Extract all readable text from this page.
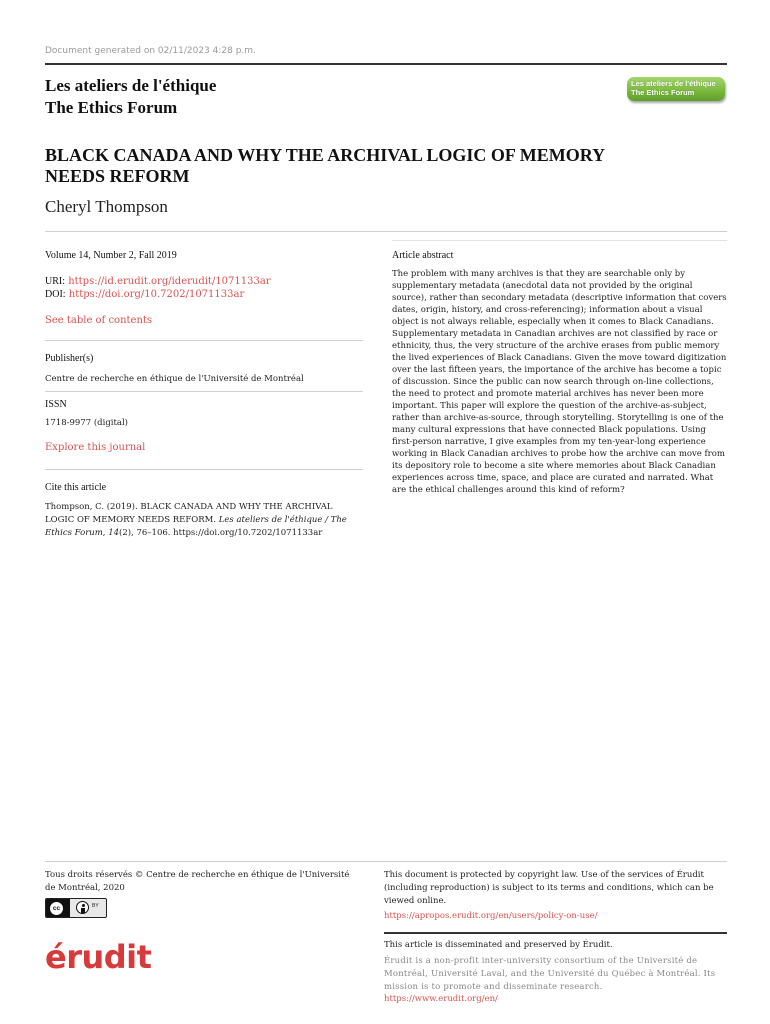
Document generated on 02/11/2023 4:28 p.m.
Les ateliers de l'éthique
The Ethics Forum
Les ateliers de l'éthique
The Ethics Forum
BLACK CANADA AND WHY THE ARCHIVAL LOGIC OF MEMORY NEEDS REFORM
Cheryl Thompson
Volume 14, Number 2, Fall 2019
URI: https://id.erudit.org/iderudit/1071133ar
DOI: https://doi.org/10.7202/1071133ar
See table of contents
Publisher(s)
Centre de recherche en éthique de l'Université de Montréal
ISSN
1718-9977 (digital)
Explore this journal
Cite this article
Thompson, C. (2019). BLACK CANADA AND WHY THE ARCHIVAL LOGIC OF MEMORY NEEDS REFORM. Les ateliers de l'éthique / The Ethics Forum, 14(2), 76–106. https://doi.org/10.7202/1071133ar
Article abstract
The problem with many archives is that they are searchable only by supplementary metadata (anecdotal data not provided by the original source), rather than secondary metadata (descriptive information that covers dates, origin, history, and cross-referencing); information about a visual object is not always reliable, especially when it comes to Black Canadians. Supplementary metadata in Canadian archives are not classified by race or ethnicity, thus, the very structure of the archive erases from public memory the lived experiences of Black Canadians. Given the move toward digitization over the last fifteen years, the importance of the archive has become a topic of discussion. Since the public can now search through on-line collections, the need to protect and promote material archives has never been more important. This paper will explore the question of the archive-as-subject, rather than archive-as-source, through storytelling. Storytelling is one of the many cultural expressions that have connected Black populations. Using first-person narrative, I give examples from my ten-year-long experience working in Black Canadian archives to probe how the archive can move from its depository role to become a site where memories about Black Canadian experiences across time, space, and place are curated and narrated. What are the ethical challenges around this kind of reform?
Tous droits réservés © Centre de recherche en éthique de l'Université de Montréal, 2020
cc	BY
This document is protected by copyright law. Use of the services of Érudit (including reproduction) is subject to its terms and conditions, which can be viewed online.
https://apropos.erudit.org/en/users/policy-on-use/
érudit	This article is disseminated and preserved by Érudit.
Érudit is a non-profit inter-university consortium of the Université de Montréal, Université Laval, and the Université du Québec à Montréal. Its mission is to promote and disseminate research.
https://www.erudit.org/en/
